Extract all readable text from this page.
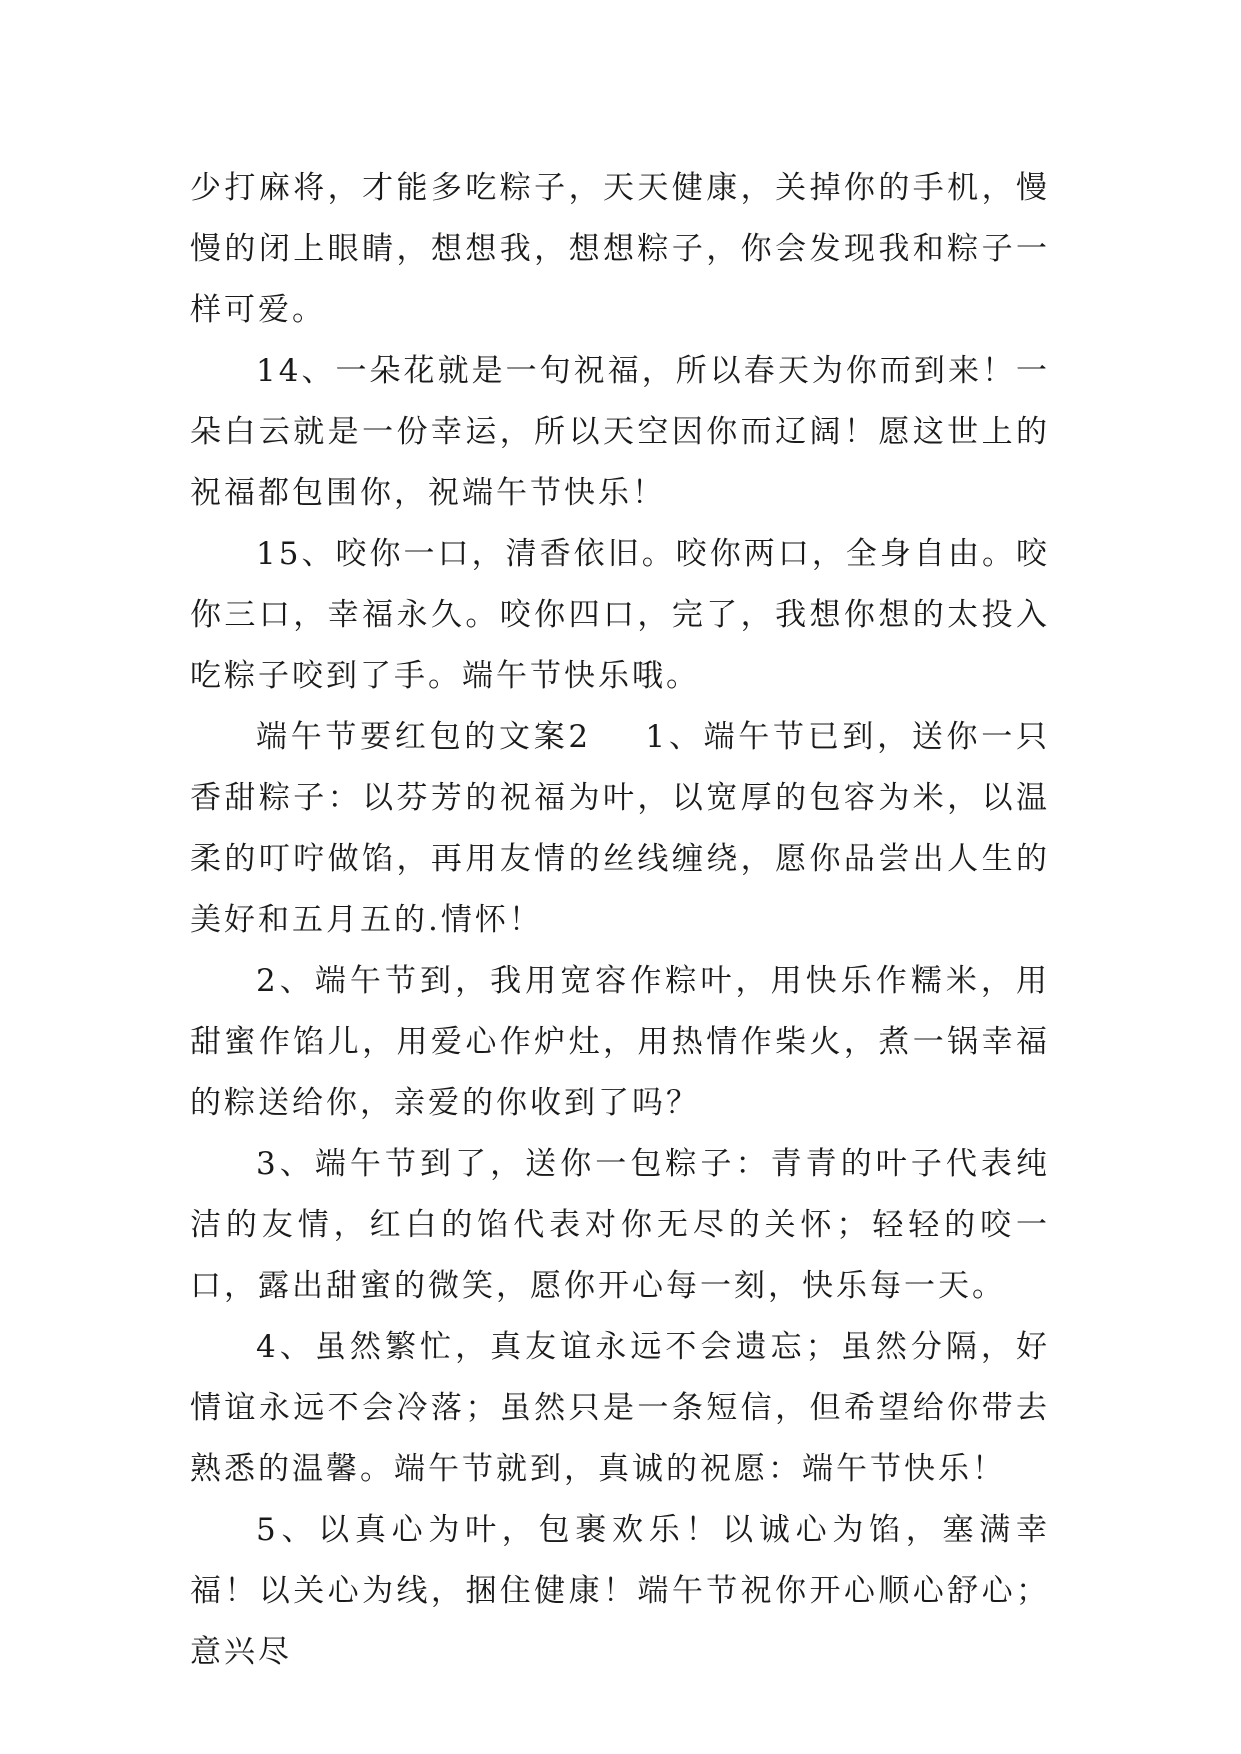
少打麻将，才能多吃粽子，天天健康，关掉你的手机，慢慢的闭上眼睛，想想我，想想粽子，你会发现我和粽子一样可爱。

14、一朵花就是一句祝福，所以春天为你而到来！一朵白云就是一份幸运，所以天空因你而辽阔！愿这世上的祝福都包围你，祝端午节快乐！

15、咬你一口，清香依旧。咬你两口，全身自由。咬你三口，幸福永久。咬你四口，完了，我想你想的太投入吃粽子咬到了手。端午节快乐哦。

端午节要红包的文案2 1、端午节已到，送你一只香甜粽子：以芬芳的祝福为叶，以宽厚的包容为米，以温柔的叮咛做馅，再用友情的丝线缠绕，愿你品尝出人生的美好和五月五的.情怀！

2、端午节到，我用宽容作粽叶，用快乐作糯米，用甜蜜作馅儿，用爱心作炉灶，用热情作柴火，煮一锅幸福的粽送给你，亲爱的你收到了吗？

3、端午节到了，送你一包粽子：青青的叶子代表纯洁的友情，红白的馅代表对你无尽的关怀；轻轻的咬一口，露出甜蜜的微笑，愿你开心每一刻，快乐每一天。

4、虽然繁忙，真友谊永远不会遗忘；虽然分隔，好情谊永远不会冷落；虽然只是一条短信，但希望给你带去熟悉的温馨。端午节就到，真诚的祝愿：端午节快乐！

5、以真心为叶，包裹欢乐！以诚心为馅，塞满幸福！以关心为线，捆住健康！端午节祝你开心顺心舒心；意兴尽
